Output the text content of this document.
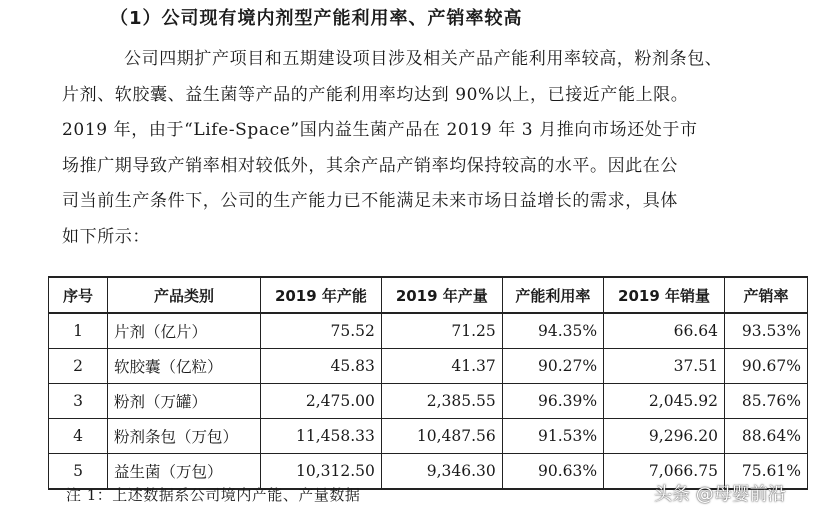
（1）公司现有境内剂型产能利用率、产销率较高

公司四期扩产项目和五期建设项目涉及相关产品产能利用率较高，粉剂条包、

片剂、软胶囊、益生菌等产品的产能利用率均达到 90%以上，已接近产能上限。

2019 年，由于“Life-Space”国内益生菌产品在 2019 年 3 月推向市场还处于市

场推广期导致产销率相对较低外，其余产品产销率均保持较高的水平。因此在公

司当前生产条件下，公司的生产能力已不能满足未来市场日益增长的需求，具体

如下所示：

序号	产品类别	2019 年产能	2019 年产量	产能利用率	2019 年销量	产销率
1	片剂（亿片）	75.52	71.25	94.35%	66.64	93.53%
2	软胶囊（亿粒）	45.83	41.37	90.27%	37.51	90.67%
3	粉剂（万罐）	2,475.00	2,385.55	96.39%	2,045.92	85.76%
4	粉剂条包（万包）	11,458.33	10,487.56	91.53%	9,296.20	88.64%
5	益生菌（万包）	10,312.50	9,346.30	90.63%	7,066.75	75.61%
注 1：上述数据系公司境内产能、产量数据	头条 @母婴前沿
